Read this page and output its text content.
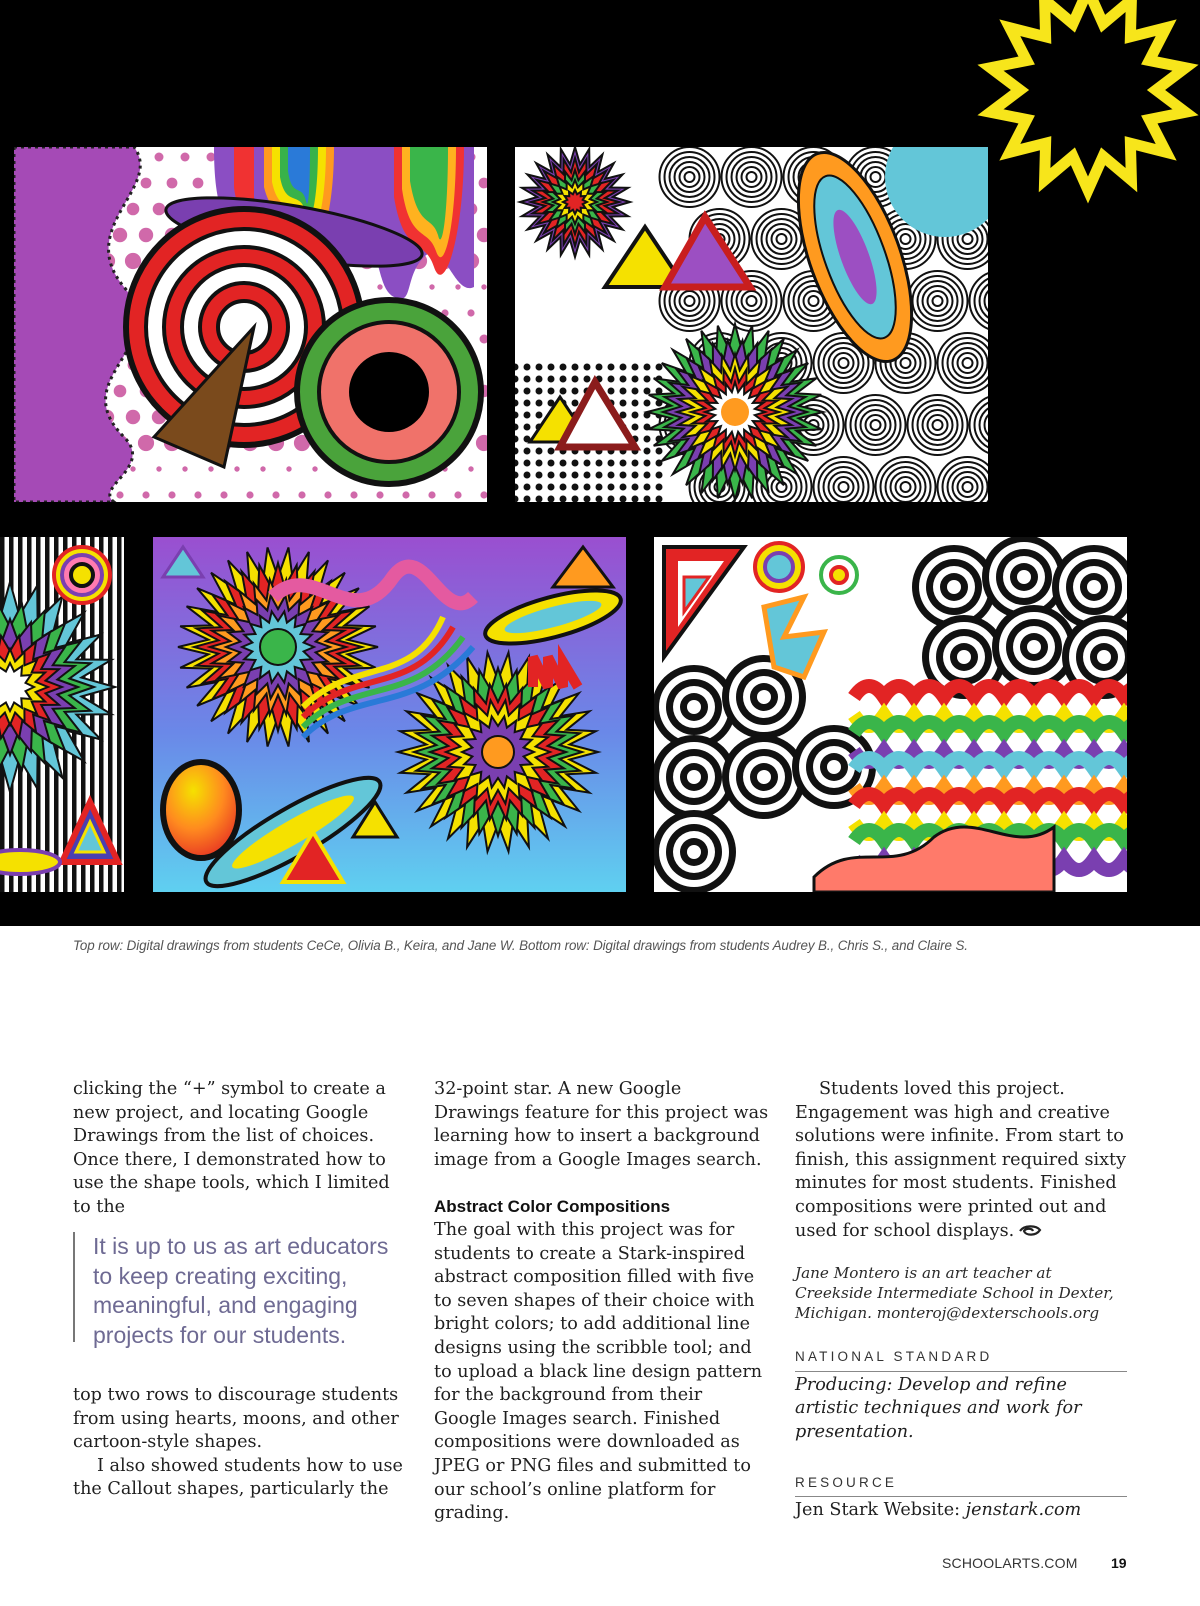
Top row: Digital drawings from students CeCe, Olivia B., Keira, and Jane W. Bottom row: Digital drawings from students Audrey B., Chris S., and Claire S.

clicking the “+” symbol to create a new project, and locating Google Drawings from the list of choices. Once there, I demonstrated how to use the shape tools, which I limited to the

It is up to us as art educators to keep creating exciting, meaningful, and engaging projects for our students.

top two rows to discourage students from using hearts, moons, and other cartoon-style shapes.

I also showed students how to use the Callout shapes, particularly the

32-point star. A new Google Drawings feature for this project was learning how to insert a background image from a Google Images search.

Abstract Color Compositions

The goal with this project was for students to create a Stark-inspired abstract composition filled with five to seven shapes of their choice with bright colors; to add additional line designs using the scribble tool; and to upload a black line design pattern for the background from their Google Images search. Finished compositions were downloaded as JPEG or PNG files and submitted to our school’s online platform for grading.

Students loved this project. Engagement was high and creative solutions were infinite. From start to finish, this assignment required sixty minutes for most students. Finished compositions were printed out and used for school displays.

Jane Montero is an art teacher at Creekside Intermediate School in Dexter, Michigan. monteroj@dexterschools.org

NATIONAL STANDARD

Producing: Develop and refine artistic techniques and work for presentation.

RESOURCE

Jen Stark Website: jenstark.com

SCHOOLARTS.COM 19
